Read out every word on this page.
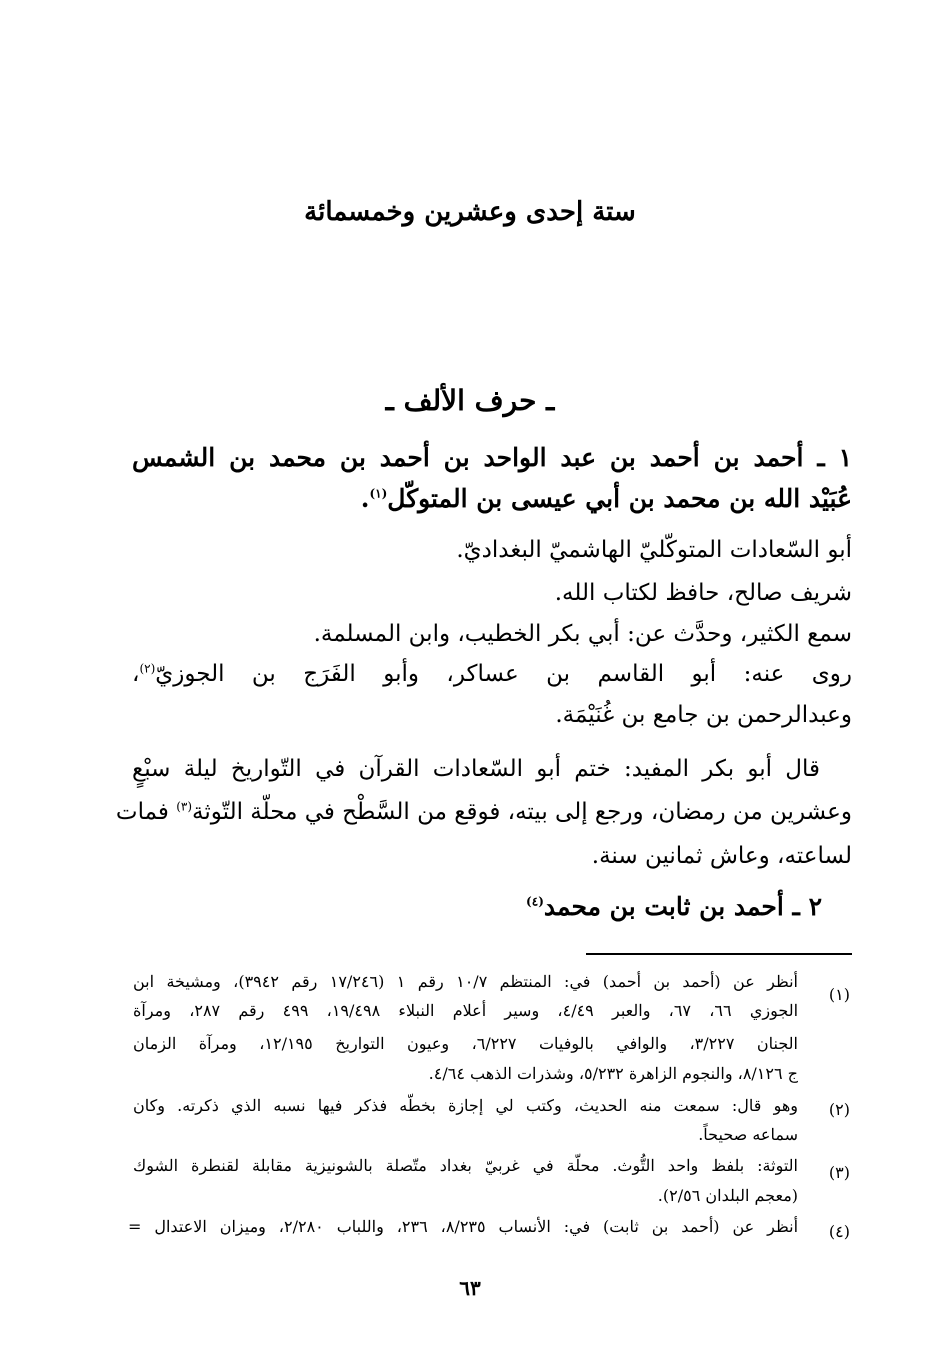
ستة إحدى وعشرين وخمسمائة
ـ حرف الألف ـ
١ ـ أحمد بن أحمد بن عبد الواحد بن أحمد بن محمد بن الشمس
عُبَيْد الله بن محمد بن أبي عيسى بن المتوكّل$^{(١)}$.
أبو السّعادات المتوكّليّ الهاشميّ البغداديّ.
شريف صالح، حافظ لكتاب الله.
سمع الكثير، وحدَّث عن: أبي بكر الخطيب، وابن المسلمة.
روى عنه: أبو القاسم بن عساكر، وأبو الفَرَج بن الجوزيّ$^{(٢)}$،
وعبدالرحمن بن جامع بن غُنَيْمَة.
قال أبو بكر المفيد: ختم أبو السّعادات القرآن في التّواريخ ليلة سبْعٍ
وعشرين من رمضان، ورجع إلى بيته، فوقع من السَّطْح في محلّة التّوثة$^{(٣)}$ فمات
لساعته، وعاش ثمانين سنة.
٢ ـ أحمد بن ثابت بن محمد$^{(٤)}$
(١)
أنظر عن (أحمد بن أحمد) في: المنتظم ١٠/٧ رقم ١ (١٧/٢٤٦ رقم ٣٩٤٢)، ومشيخة ابن
الجوزي ٦٦، ٦٧، والعبر ٤/٤٩، وسير أعلام النبلاء ١٩/٤٩٨، ٤٩٩ رقم ٢٨٧، ومرآة
الجنان ٣/٢٢٧، والوافي بالوفيات ٦/٢٢٧، وعيون التواريخ ١٢/١٩٥، ومرآة الزمان
ج ٨/١٢٦، والنجوم الزاهرة ٥/٢٣٢، وشذرات الذهب ٤/٦٤.
(٢)
وهو قال: سمعت منه الحديث، وكتب لي إجازة بخطّه فذكر فيها نسبه الذي ذكرته. وكان
سماعه صحيحاً.
(٣)
التوثة: بلفظ واحد التُّوث. محلّة في غربيّ بغداد متّصلة بالشونيزية مقابلة لقنطرة الشوك
(معجم البلدان ٢/٥٦).
(٤)
أنظر عن (أحمد بن ثابت) في: الأنساب ٨/٢٣٥، ٢٣٦، واللباب ٢/٢٨٠، وميزان الاعتدال =
٦٣
